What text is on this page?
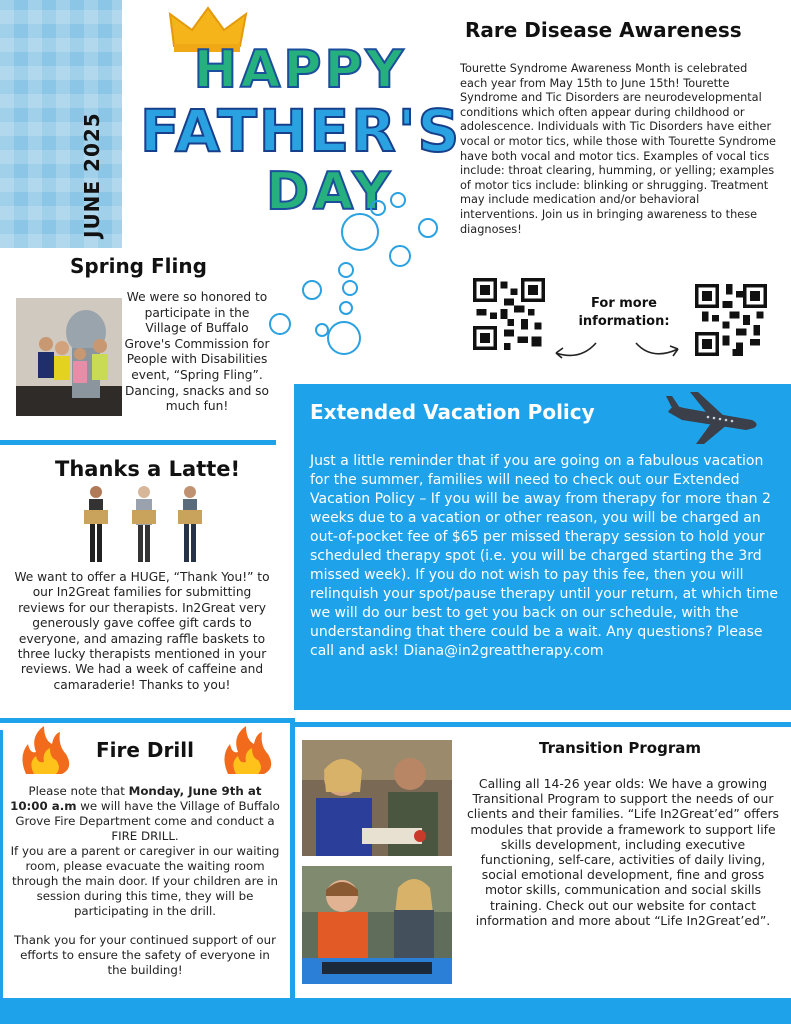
JUNE 2025
HAPPY
FATHER'S
DAY
Rare Disease Awareness
Tourette Syndrome Awareness Month is celebrated each year from May 15th to June 15th! Tourette Syndrome and Tic Disorders are neurodevelopmental conditions which often appear during childhood or adolescence. Individuals with Tic Disorders have either vocal or motor tics, while those with Tourette Syndrome have both vocal and motor tics. Examples of vocal tics include: throat clearing, humming, or yelling; examples of motor tics include: blinking or shrugging. Treatment may include medication and/or behavioral interventions. Join us in bringing awareness to these diagnoses!
For more
information:
Spring Fling
We were so honored to participate in the Village of Buffalo Grove's Commission for People with Disabilities event, “Spring Fling”. Dancing, snacks and so much fun!
Thanks a Latte!
We want to offer a HUGE, “Thank You!” to our In2Great families for submitting reviews for our therapists. In2Great very generously gave coffee gift cards to everyone, and amazing raffle baskets to three lucky therapists mentioned in your reviews. We had a week of caffeine and camaraderie! Thanks to you!
Extended Vacation Policy
Just a little reminder that if you are going on a fabulous vacation for the summer, families will need to check out our Extended Vacation Policy – If you will be away from therapy for more than 2 weeks due to a vacation or other reason, you will be charged an out-of-pocket fee of $65 per missed therapy session to hold your scheduled therapy spot (i.e. you will be charged starting the 3rd missed week). If you do not wish to pay this fee, then you will relinquish your spot/pause therapy until your return, at which time we will do our best to get you back on our schedule, with the understanding that there could be a wait. Any questions? Please call and ask! Diana@in2greattherapy.com
Fire Drill

Please note that Monday, June 9th at 10:00 a.m we will have the Village of Buffalo Grove Fire Department come and conduct a FIRE DRILL.
If you are a parent or caregiver in our waiting room, please evacuate the waiting room through the main door. If your children are in session during this time, they will be participating in the drill.

Thank you for your continued support of our efforts to ensure the safety of everyone in the building!

Transition Program
Calling all 14-26 year olds: We have a growing Transitional Program to support the needs of our clients and their families. “Life In2Great’ed” offers modules that provide a framework to support life skills development, including executive functioning, self-care, activities of daily living, social emotional development, fine and gross motor skills, communication and social skills training. Check out our website for contact information and more about “Life In2Great’ed”.
